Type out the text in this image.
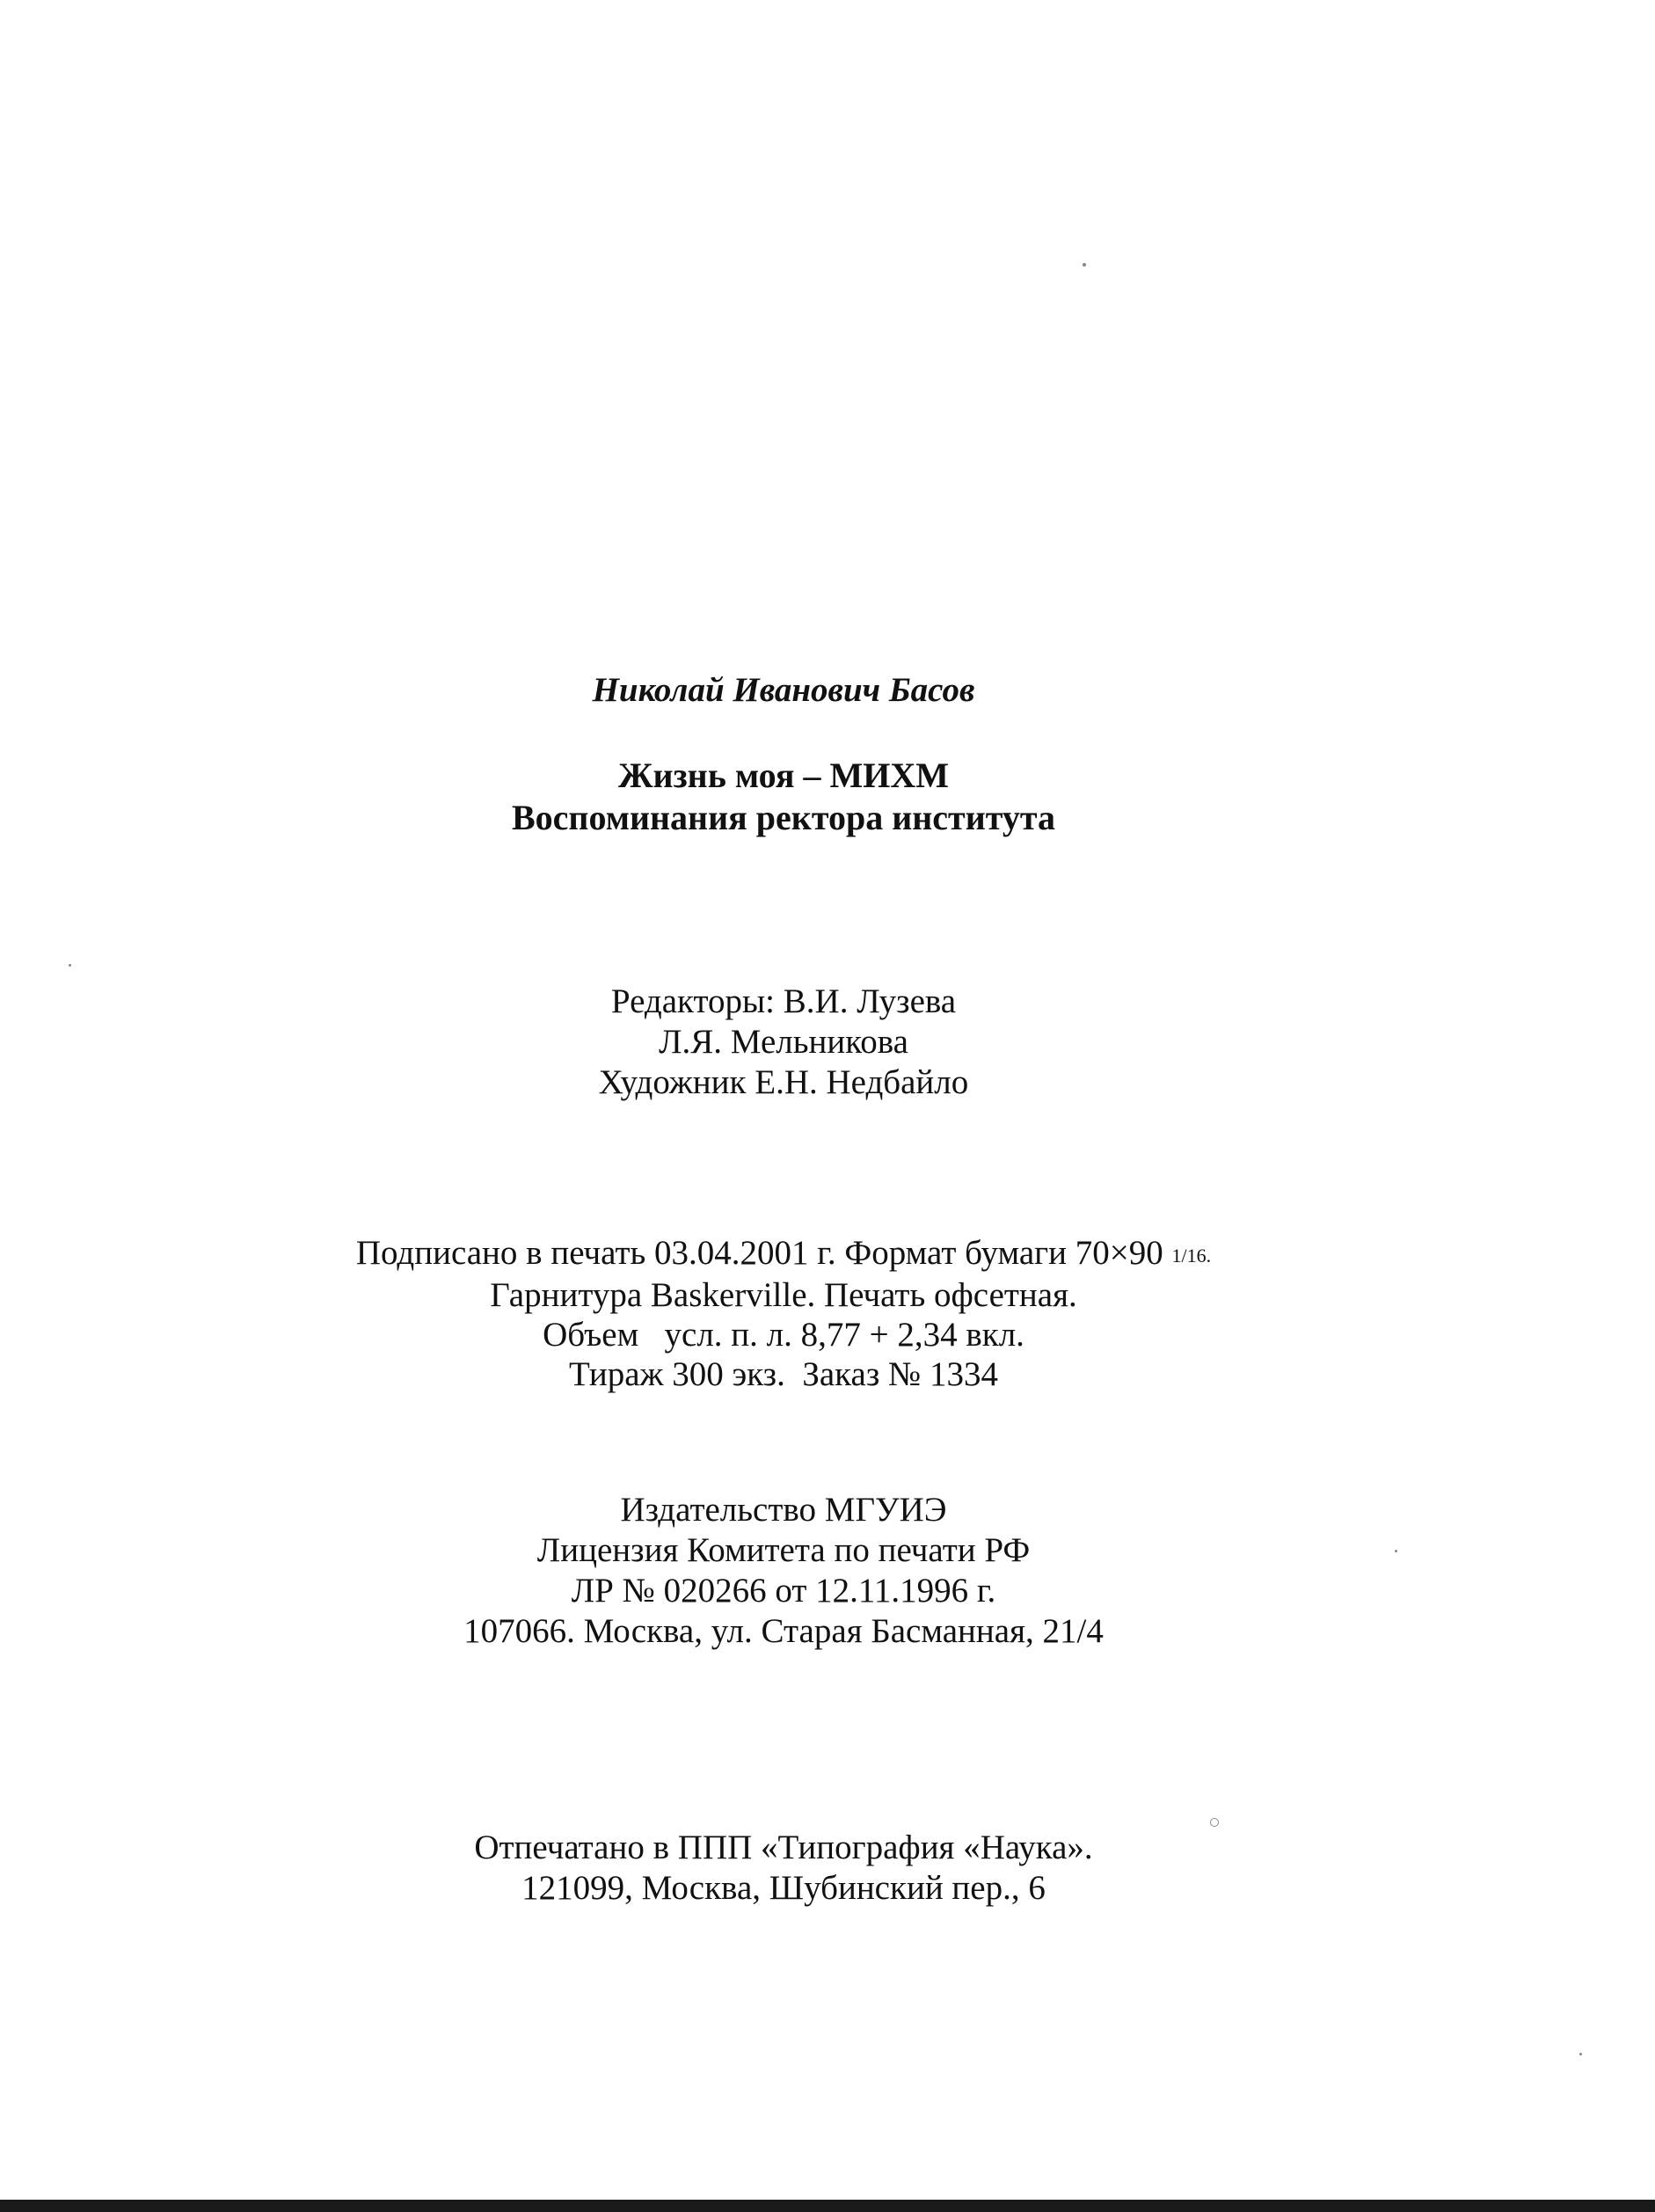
Николай Иванович Басов
Жизнь моя – МИХМ
Воспоминания ректора института
Редакторы: В.И. Лузева
Л.Я. Мельникова
Художник Е.Н. Недбайло
Подписано в печать 03.04.2001 г. Формат бумаги 70×90 1/16.
Гарнитура Baskerville. Печать офсетная.
Объем   усл. п. л. 8,77 + 2,34 вкл.
Тираж 300 экз.  Заказ № 1334
Издательство МГУИЭ
Лицензия Комитета по печати РФ
ЛР № 020266 от 12.11.1996 г.
107066. Москва, ул. Старая Басманная, 21/4
Отпечатано в ППП «Типография «Наука».
121099, Москва, Шубинский пер., 6
